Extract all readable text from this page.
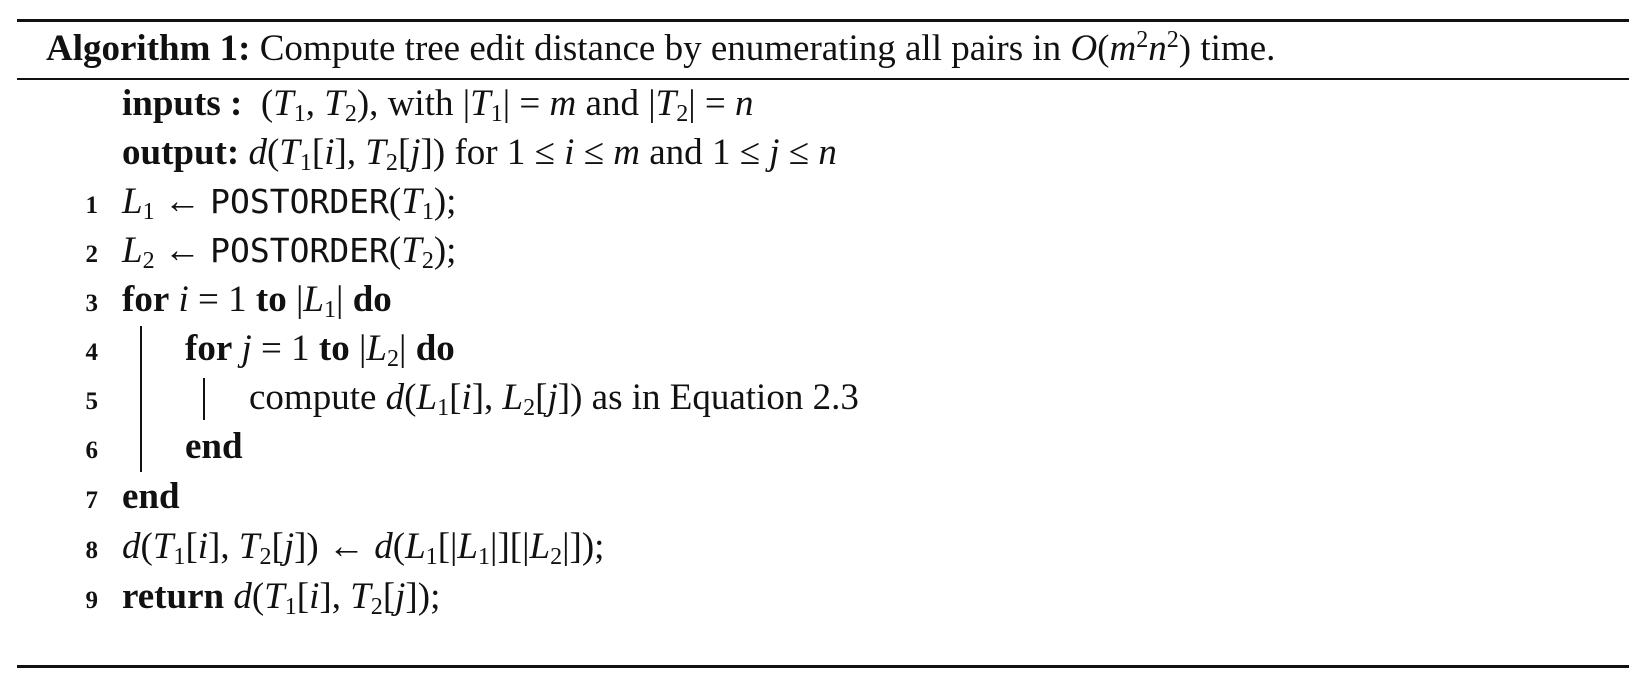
Algorithm 1: Compute tree edit distance by enumerating all pairs in $O(m^2n^2)$ time.
inputs :  ($T_1$, $T_2$), with $|T_1| = m$ and $|T_2| = n$
output: $d(T_1[i]$, $T_2[j]$) for 1 ≤ i ≤ m and 1 ≤ j ≤ n
1 $L_1$ ← $POSTORDER(T_1)$;
2 $L_2$ ← $POSTORDER(T_2)$;
3 for i = 1 to $|L_1|$ do
4 for j = 1 to $|L_2|$ do
5	compute $d(L_1[i]$, $L_2[j]$) as in Equation 2.3
6 end
7 end
8 $d(T_1[i]$, $T_2[j]$) ← $d(L_1[|L_1|][|L_2|])$;
9 return $d(T_1[i]$, $T_2[j]$);
